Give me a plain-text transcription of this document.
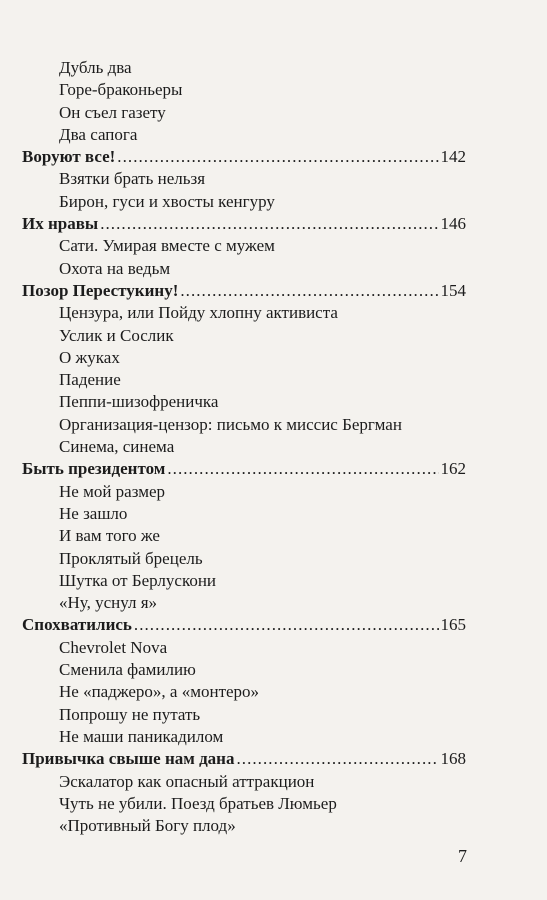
Дубль два
Горе-браконьеры
Он съел газету
Два сапога
Воруют все! . . .	142
Взятки брать нельзя
Бирон, гуси и хвосты кенгуру
Их нравы . . .	146
Сати. Умирая вместе с мужем
Охота на ведьм
Позор Перестукину! . . .	154
Цензура, или Пойду хлопну активиста
Услик и Сослик
О жуках
Падение
Пеппи-шизофреничка
Организация-цензор: письмо к миссис Бергман
Синема, синема
Быть президентом . . .	162
Не мой размер
Не зашло
И вам того же
Проклятый брецель
Шутка от Берлускони
«Ну, уснул я»
Спохватились . . .	165
Chevrolet Nova
Сменила фамилию
Не «паджеро», а «монтеро»
Попрошу не путать
Не маши паникадилом
Привычка свыше нам дана . . .	168
Эскалатор как опасный аттракцион
Чуть не убили. Поезд братьев Люмьер
«Противный Богу плод»
7
